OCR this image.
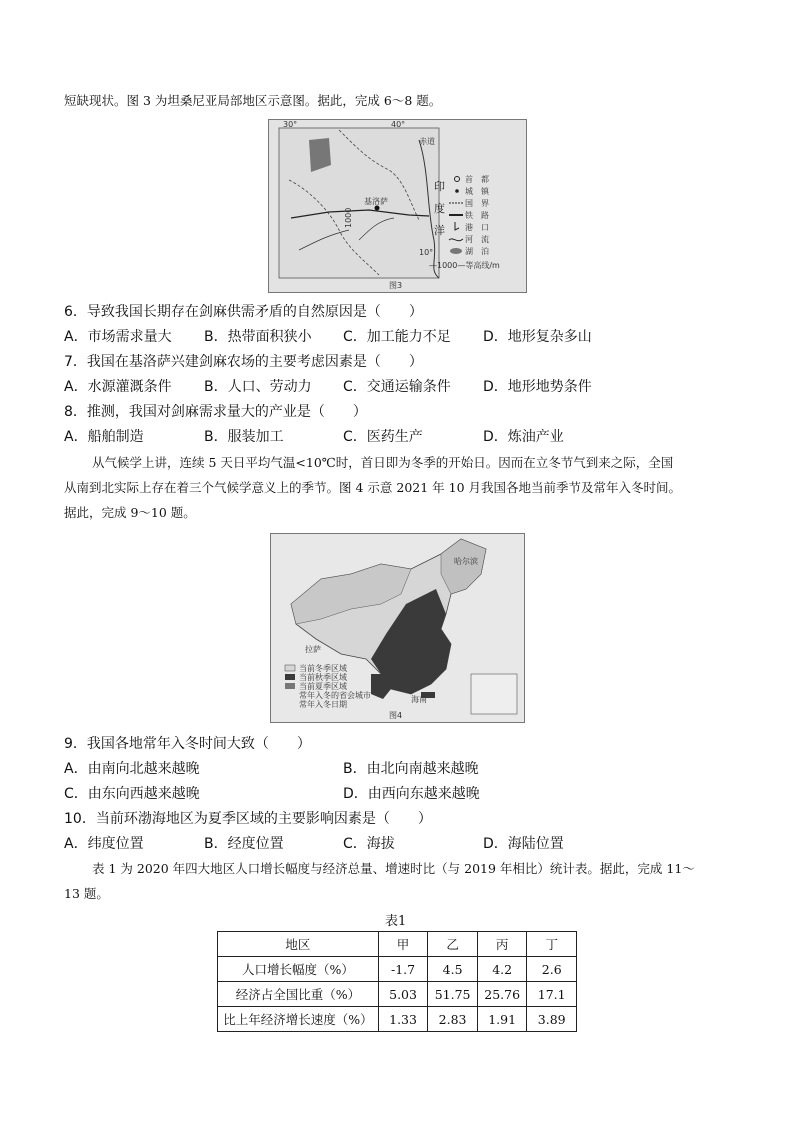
短缺现状。图 3 为坦桑尼亚局部地区示意图。据此，完成 6～8 题。
基洛萨
1000
30°	40°
赤道
10°
印
度
洋
首　都
城　镇
国　界
铁　路
港　口
河　流
湖　泊
—1000—等高线/m
图3
6．导致我国长期存在剑麻供需矛盾的自然原因是（　　）
A．市场需求量大 B．热带面积狭小 C．加工能力不足 D．地形复杂多山
7．我国在基洛萨兴建剑麻农场的主要考虑因素是（　　）
A．水源灌溉条件 B．人口、劳动力 C．交通运输条件 D．地形地势条件
8．推测，我国对剑麻需求量大的产业是（　　）
A．船舶制造	B．服装加工	C．医药生产	D．炼油产业
从气候学上讲，连续 5 天日平均气温<10℃时，首日即为冬季的开始日。因而在立冬节气到来之际，全国
从南到北实际上存在着三个气候学意义上的季节。图 4 示意 2021 年 10 月我国各地当前季节及常年入冬时间。
据此，完成 9～10 题。
当前冬季区域
当前秋季区域
当前夏季区域
常年入冬的省会城市
常年入冬日期
拉萨
海南
哈尔滨
图4
9．我国各地常年入冬时间大致（　　）
A．由南向北越来越晚	B．由北向南越来越晚
C．由东向西越来越晚	D．由西向东越来越晚
10．当前环渤海地区为夏季区域的主要影响因素是（　　）
A．纬度位置	B．经度位置	C．海拔	D．海陆位置
表 1 为 2020 年四大地区人口增长幅度与经济总量、增速时比（与 2019 年相比）统计表。据此，完成 11～
13 题。
表1
地区	甲	乙	丙	丁
人口增长幅度（%）	-1.7	4.5	4.2	2.6
经济占全国比重（%）	5.03	51.75	25.76	17.1
比上年经济增长速度（%）	1.33	2.83	1.91	3.89
